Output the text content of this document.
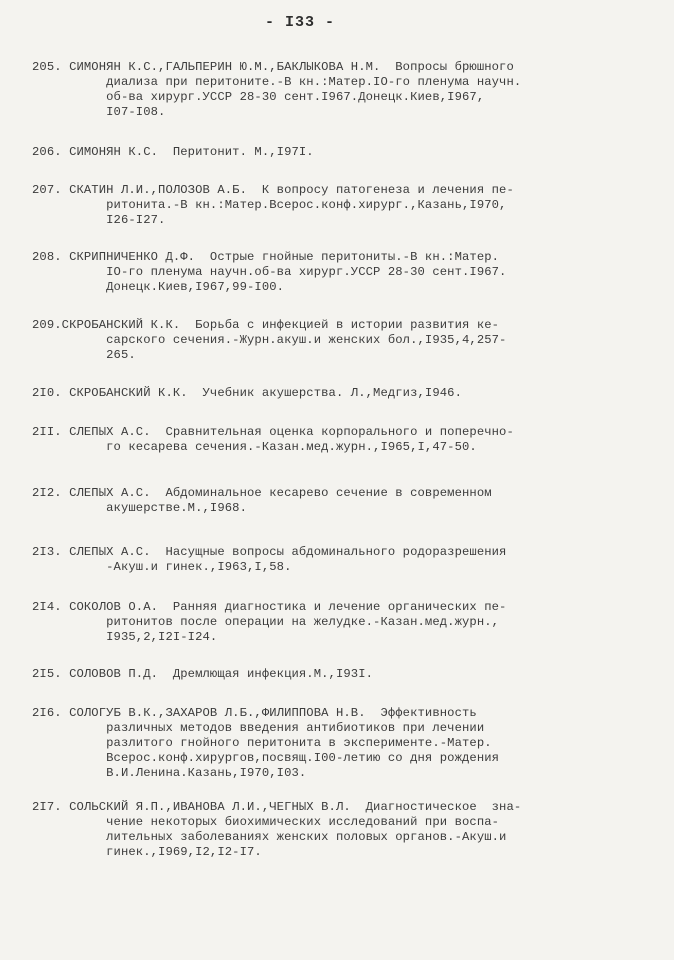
- I33 -
205. СИМОНЯН К.С.,ГАЛЬПЕРИН Ю.М.,БАКЛЫКОВА Н.М.  Вопросы брюшного
диализа при перитоните.-В кн.:Матер.IO-го пленума научн.
об-ва хирург.УССР 28-30 сент.I967.Донецк.Киев,I967,
I07-I08.
206. СИМОНЯН К.С.  Перитонит. М.,I97I.
207. СКАТИН Л.И.,ПОЛОЗОВ А.Б.  К вопросу патогенеза и лечения пе-
ритонита.-В кн.:Матер.Всерос.конф.хирург.,Казань,I970,
I26-I27.
208. СКРИПНИЧЕНКО Д.Ф.  Острые гнойные перитониты.-В кн.:Матер.
IO-го пленума научн.об-ва хирург.УССР 28-30 сент.I967.
Донецк.Киев,I967,99-I00.
209.СКРОБАНСКИЙ К.К.  Борьба с инфекцией в истории развития ке-
сарского сечения.-Журн.акуш.и женских бол.,I935,4,257-
265.
2I0. СКРОБАНСКИЙ К.К.  Учебник акушерства. Л.,Медгиз,I946.
2II. СЛЕПЫХ А.С.  Сравнительная оценка корпорального и поперечно-
го кесарева сечения.-Казан.мед.журн.,I965,I,47-50.
2I2. СЛЕПЫХ А.С.  Абдоминальное кесарево сечение в современном
акушерстве.М.,I968.
2I3. СЛЕПЫХ А.С.  Насущные вопросы абдоминального родоразрешения
-Акуш.и гинек.,I963,I,58.
2I4. СОКОЛОВ О.А.  Ранняя диагностика и лечение органических пе-
ритонитов после операции на желудке.-Казан.мед.журн.,
I935,2,I2I-I24.
2I5. СОЛОВОВ П.Д.  Дремлющая инфекция.М.,I93I.
2I6. СОЛОГУБ В.К.,ЗАХАРОВ Л.Б.,ФИЛИППОВА Н.В.  Эффективность
различных методов введения антибиотиков при лечении
разлитого гнойного перитонита в эксперименте.-Матер.
Всерос.конф.хирургов,посвящ.I00-летию со дня рождения
В.И.Ленина.Казань,I970,I03.
2I7. СОЛЬСКИЙ Я.П.,ИВАНОВА Л.И.,ЧЕГНЫХ В.Л.  Диагностическое  зна-
чение некоторых биохимических исследований при воспа-
лительных заболеваниях женских половых органов.-Акуш.и
гинек.,I969,I2,I2-I7.
